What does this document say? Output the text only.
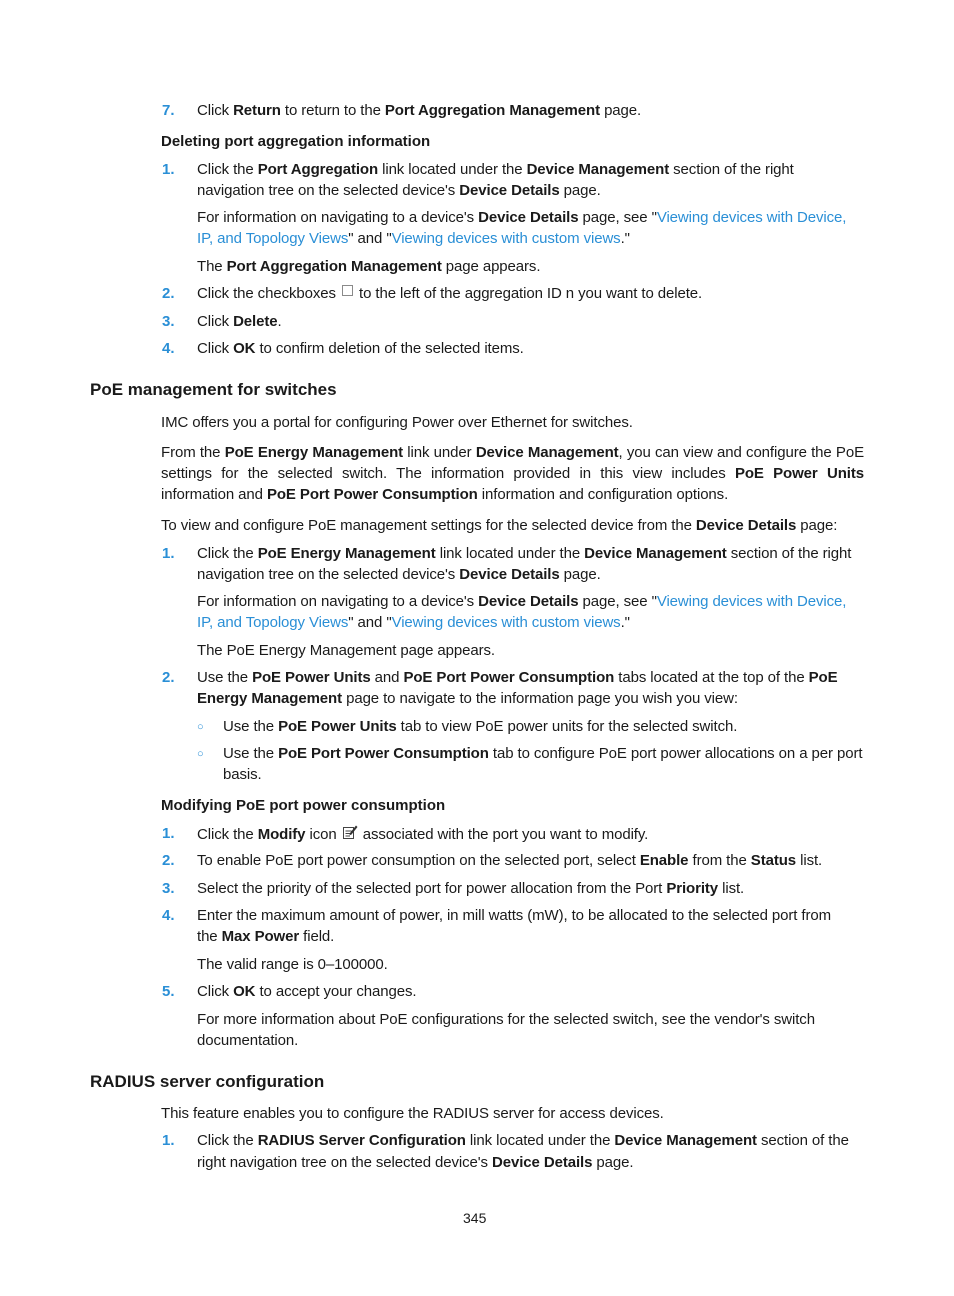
7. Click Return to return to the Port Aggregation Management page.
Deleting port aggregation information
1. Click the Port Aggregation link located under the Device Management section of the right
navigation tree on the selected device's Device Details page.
For information on navigating to a device's Device Details page, see "Viewing devices with Device,
IP, and Topology Views" and "Viewing devices with custom views."
The Port Aggregation Management page appears.
2. Click the checkboxes  to the left of the aggregation ID n you want to delete.
3. Click Delete.
4. Click OK to confirm deletion of the selected items.
PoE management for switches
IMC offers you a portal for configuring Power over Ethernet for switches.
From the PoE Energy Management link under Device Management, you can view and configure the PoE
settings for the selected switch. The information provided in this view includes PoE Power Units
information and PoE Port Power Consumption information and configuration options.
To view and configure PoE management settings for the selected device from the Device Details page:
1. Click the PoE Energy Management link located under the Device Management section of the right
navigation tree on the selected device's Device Details page.
For information on navigating to a device's Device Details page, see "Viewing devices with Device,
IP, and Topology Views" and "Viewing devices with custom views."
The PoE Energy Management page appears.
2. Use the PoE Power Units and PoE Port Power Consumption tabs located at the top of the PoE
Energy Management page to navigate to the information page you wish you view:
○ Use the PoE Power Units tab to view PoE power units for the selected switch.
○ Use the PoE Port Power Consumption tab to configure PoE port power allocations on a per port
basis.
Modifying PoE port power consumption
1. Click the Modify icon  associated with the port you want to modify.
2. To enable PoE port power consumption on the selected port, select Enable from the Status list.
3. Select the priority of the selected port for power allocation from the Port Priority list.
4. Enter the maximum amount of power, in mill watts (mW), to be allocated to the selected port from
the Max Power field.
The valid range is 0–100000.
5. Click OK to accept your changes.
For more information about PoE configurations for the selected switch, see the vendor's switch
documentation.
RADIUS server configuration
This feature enables you to configure the RADIUS server for access devices.
1. Click the RADIUS Server Configuration link located under the Device Management section of the
right navigation tree on the selected device's Device Details page.
345
